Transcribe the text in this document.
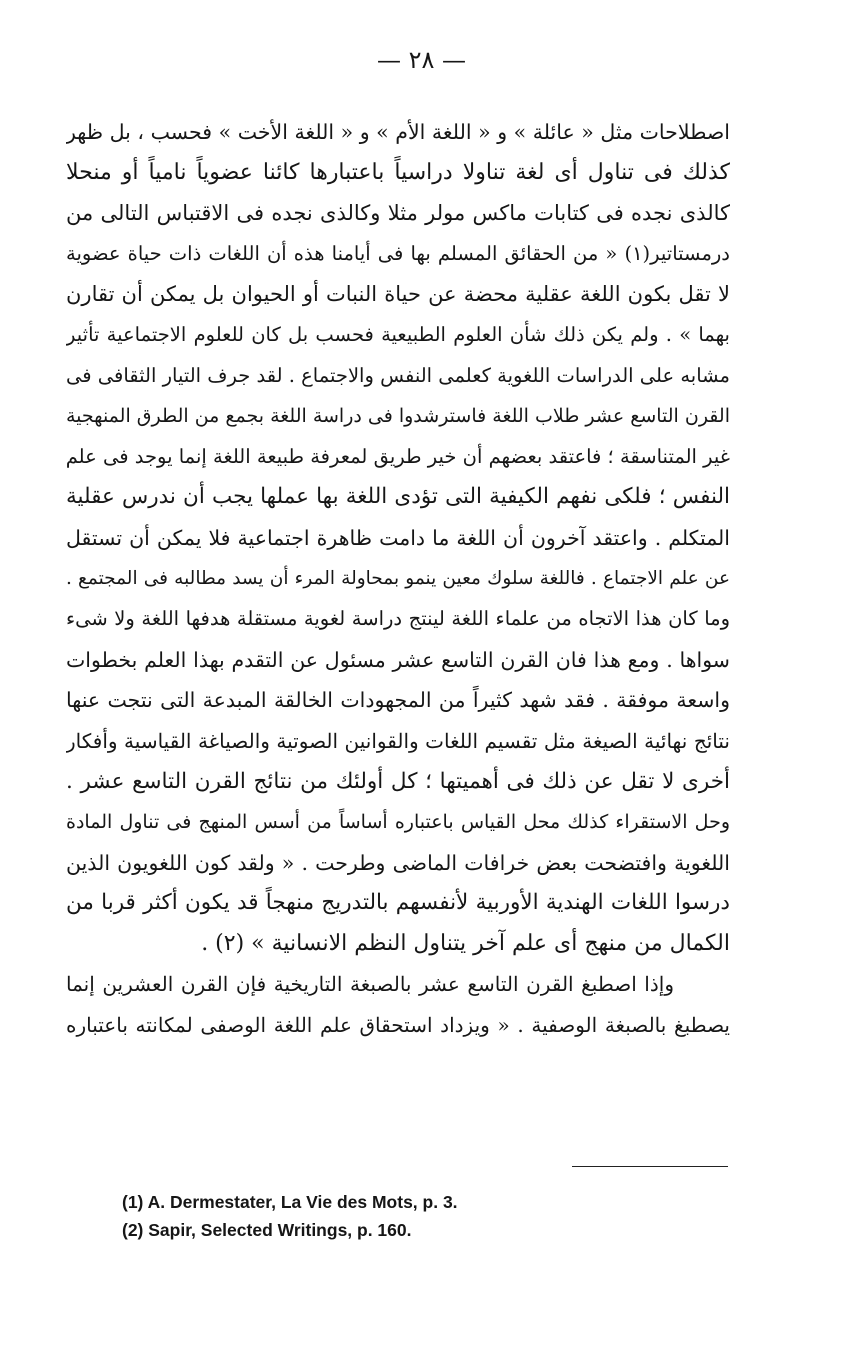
— ٢٨ —
اصطلاحات مثل « عائلة » و « اللغة الأم » و « اللغة الأخت » فحسب ، بل ظهر
كذلك فى تناول أى لغة تناولا دراسياً باعتبارها كائنا عضوياً نامياً أو منحلا
كالذى نجده فى كتابات ماكس مولر مثلا وكالذى نجده فى الاقتباس التالى من
درمستاتير(١) « من الحقائق المسلم بها فى أيامنا هذه أن اللغات ذات حياة عضوية
لا تقل بكون اللغة عقلية محضة عن حياة النبات أو الحيوان بل يمكن أن تقارن
بهما » . ولم يكن ذلك شأن العلوم الطبيعية فحسب بل كان للعلوم الاجتماعية تأثير
مشابه على الدراسات اللغوية كعلمى النفس والاجتماع . لقد جرف التيار الثقافى فى
القرن التاسع عشر طلاب اللغة فاسترشدوا فى دراسة اللغة بجمع من الطرق المنهجية
غير المتناسقة ؛ فاعتقد بعضهم أن خير طريق لمعرفة طبيعة اللغة إنما يوجد فى علم
النفس ؛ فلكى نفهم الكيفية التى تؤدى اللغة بها عملها يجب أن ندرس عقلية
المتكلم . واعتقد آخرون أن اللغة ما دامت ظاهرة اجتماعية فلا يمكن أن تستقل
عن علم الاجتماع . فاللغة سلوك معين ينمو بمحاولة المرء أن يسد مطالبه فى المجتمع .
وما كان هذا الاتجاه من علماء اللغة لينتج دراسة لغوية مستقلة هدفها اللغة ولا شىء
سواها . ومع هذا فان القرن التاسع عشر مسئول عن التقدم بهذا العلم بخطوات
واسعة موفقة . فقد شهد كثيراً من المجهودات الخالقة المبدعة التى نتجت عنها
نتائج نهائية الصيغة مثل تقسيم اللغات والقوانين الصوتية والصياغة القياسية وأفكار
أخرى لا تقل عن ذلك فى أهميتها ؛ كل أولئك من نتائج القرن التاسع عشر .
وحل الاستقراء كذلك محل القياس باعتباره أساساً من أسس المنهج فى تناول المادة
اللغوية وافتضحت بعض خرافات الماضى وطرحت . « ولقد كون اللغويون الذين
درسوا اللغات الهندية الأوربية لأنفسهم بالتدريج منهجاً قد يكون أكثر قربا من
الكمال من منهج أى علم آخر يتناول النظم الانسانية » (٢) .
وإذا اصطبغ القرن التاسع عشر بالصبغة التاريخية فإن القرن العشرين إنما
يصطبغ بالصبغة الوصفية . « ويزداد استحقاق علم اللغة الوصفى لمكانته باعتباره
(1) A. Dermestater, La Vie des Mots, p. 3.
(2) Sapir, Selected Writings, p. 160.
